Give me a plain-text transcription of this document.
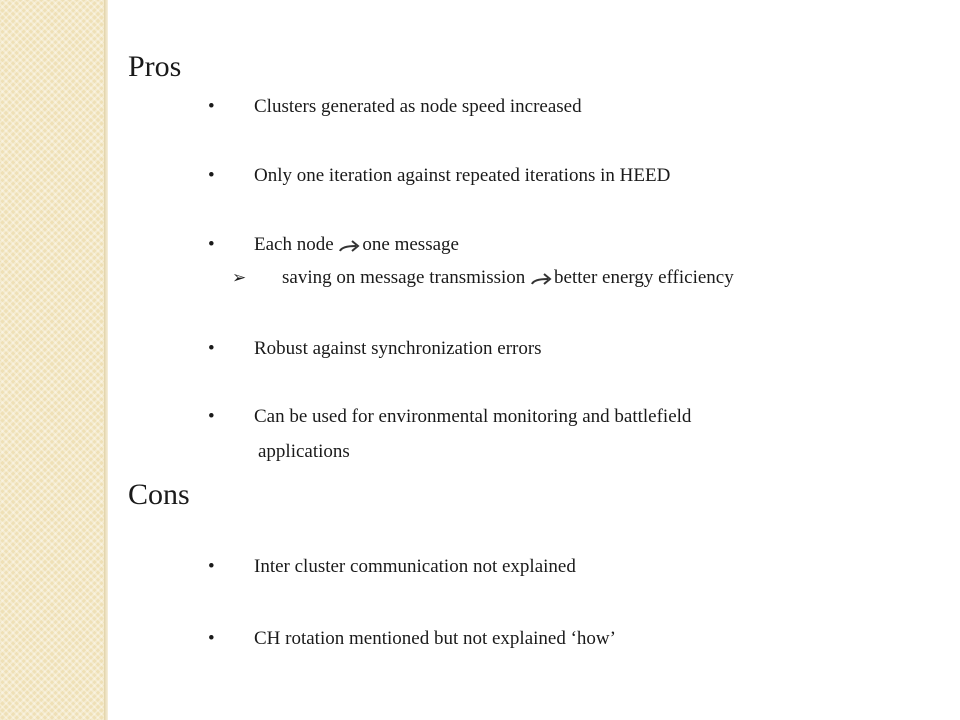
Pros
• Clusters generated as node speed increased
• Only one iteration against repeated iterations in HEED
• Each node one message
➢ saving on message transmission better energy efficiency
• Robust against synchronization errors
• Can be used for environmental monitoring and battlefield
applications
Cons
• Inter cluster communication not explained
• CH rotation mentioned but not explained ‘how’
